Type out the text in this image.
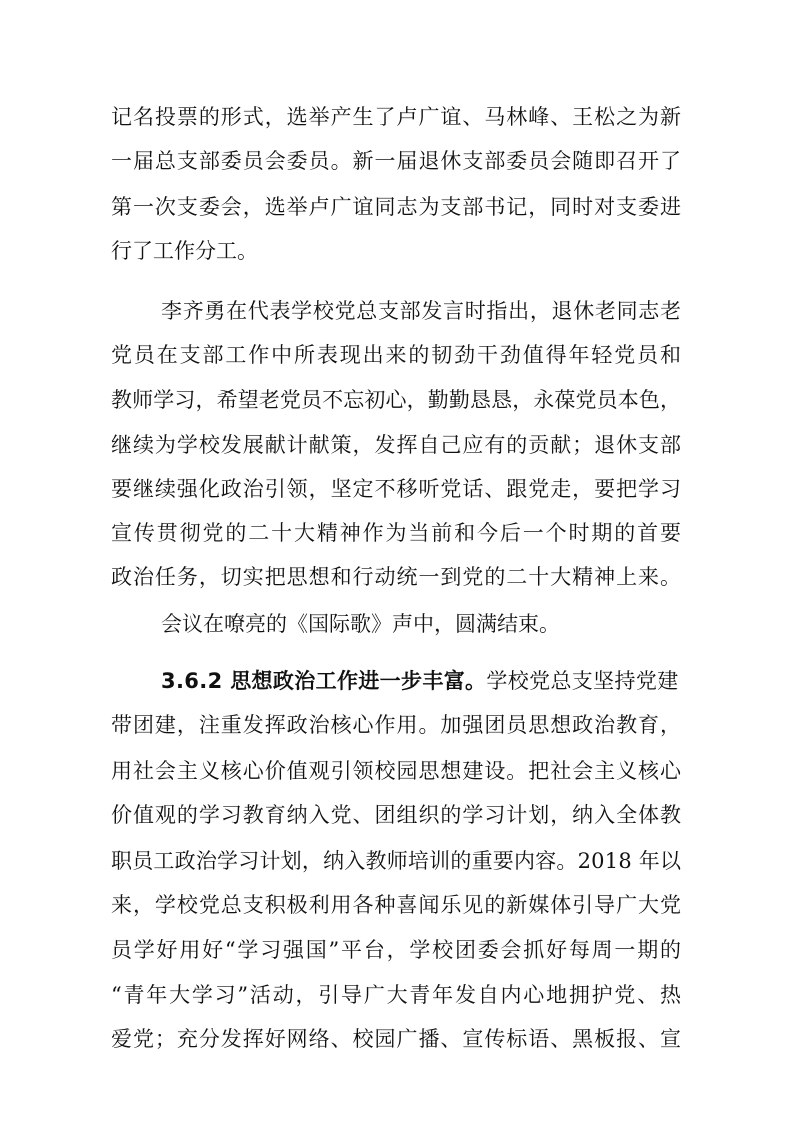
记名投票的形式，选举产生了卢广谊、马林峰、王松之为新
一届总支部委员会委员。新一届退休支部委员会随即召开了
第一次支委会，选举卢广谊同志为支部书记，同时对支委进
行了工作分工。
李齐勇在代表学校党总支部发言时指出，退休老同志老
党员在支部工作中所表现出来的韧劲干劲值得年轻党员和
教师学习，希望老党员不忘初心，勤勤恳恳，永葆党员本色，
继续为学校发展献计献策，发挥自己应有的贡献；退休支部
要继续强化政治引领，坚定不移听党话、跟党走，要把学习
宣传贯彻党的二十大精神作为当前和今后一个时期的首要
政治任务，切实把思想和行动统一到党的二十大精神上来。
会议在嘹亮的《国际歌》声中，圆满结束。
3.6.2 思想政治工作进一步丰富。学校党总支坚持党建
带团建，注重发挥政治核心作用。加强团员思想政治教育，
用社会主义核心价值观引领校园思想建设。把社会主义核心
价值观的学习教育纳入党、团组织的学习计划，纳入全体教
职员工政治学习计划，纳入教师培训的重要内容。2018 年以
来，学校党总支积极利用各种喜闻乐见的新媒体引导广大党
员学好用好“学习强国”平台，学校团委会抓好每周一期的
“青年大学习”活动，引导广大青年发自内心地拥护党、热
爱党；充分发挥好网络、校园广播、宣传标语、黑板报、宣
